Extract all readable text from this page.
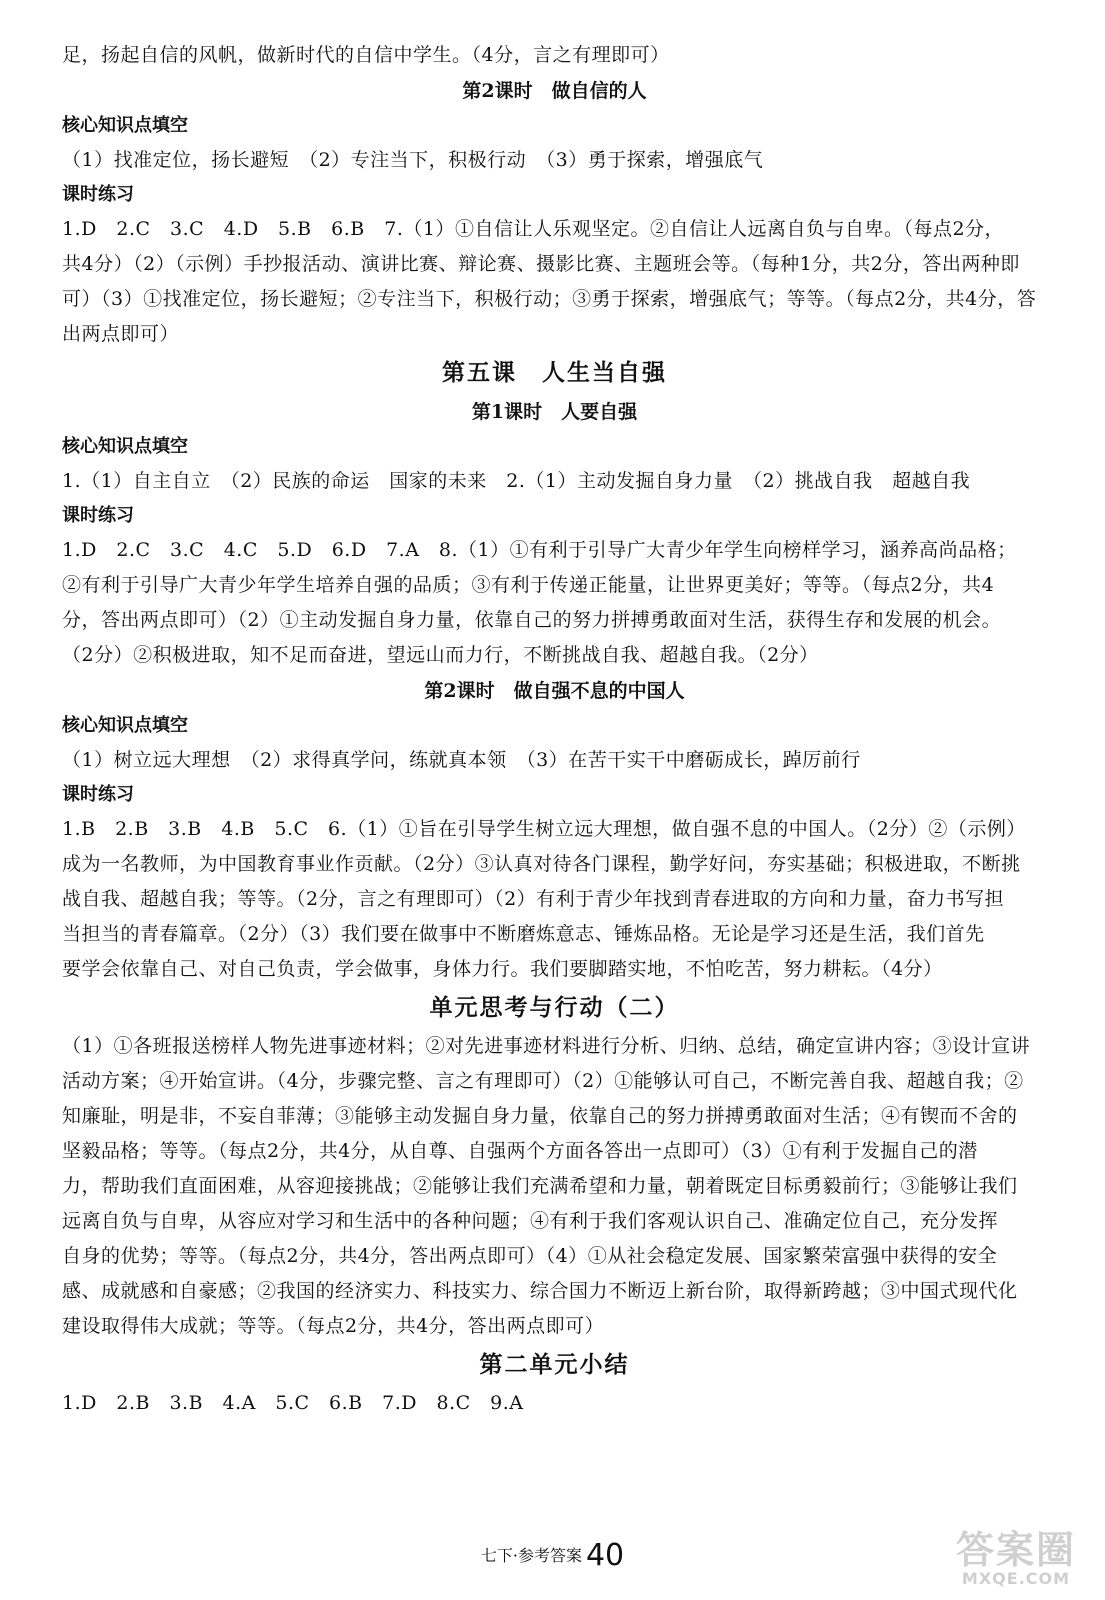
足，扬起自信的风帆，做新时代的自信中学生。（4分，言之有理即可）
第2课时　做自信的人
核心知识点填空
（1）找准定位，扬长避短　（2）专注当下，积极行动　（3）勇于探索，增强底气
课时练习
1.D　2.C　3.C　4.D　5.B　6.B　7.（1）①自信让人乐观坚定。②自信让人远离自负与自卑。（每点2分，
共4分）（2）（示例）手抄报活动、演讲比赛、辩论赛、摄影比赛、主题班会等。（每种1分，共2分，答出两种即
可）（3）①找准定位，扬长避短；②专注当下，积极行动；③勇于探索，增强底气；等等。（每点2分，共4分，答
出两点即可）
第五课　人生当自强
第1课时　人要自强
核心知识点填空
1.（1）自主自立　（2）民族的命运　国家的未来　2.（1）主动发掘自身力量　（2）挑战自我　超越自我
课时练习
1.D　2.C　3.C　4.C　5.D　6.D　7.A　8.（1）①有利于引导广大青少年学生向榜样学习，涵养高尚品格；
②有利于引导广大青少年学生培养自强的品质；③有利于传递正能量，让世界更美好；等等。（每点2分，共4
分，答出两点即可）（2）①主动发掘自身力量，依靠自己的努力拼搏勇敢面对生活，获得生存和发展的机会。
（2分）②积极进取，知不足而奋进，望远山而力行，不断挑战自我、超越自我。（2分）
第2课时　做自强不息的中国人
核心知识点填空
（1）树立远大理想　（2）求得真学问，练就真本领　（3）在苦干实干中磨砺成长，踔厉前行
课时练习
1.B　2.B　3.B　4.B　5.C　6.（1）①旨在引导学生树立远大理想，做自强不息的中国人。（2分）②（示例）
成为一名教师，为中国教育事业作贡献。（2分）③认真对待各门课程，勤学好问，夯实基础；积极进取，不断挑
战自我、超越自我；等等。（2分，言之有理即可）（2）有利于青少年找到青春进取的方向和力量，奋力书写担
当担当的青春篇章。（2分）（3）我们要在做事中不断磨炼意志、锤炼品格。无论是学习还是生活，我们首先
要学会依靠自己、对自己负责，学会做事，身体力行。我们要脚踏实地，不怕吃苦，努力耕耘。（4分）
单元思考与行动（二）
（1）①各班报送榜样人物先进事迹材料；②对先进事迹材料进行分析、归纳、总结，确定宣讲内容；③设计宣讲
活动方案；④开始宣讲。（4分，步骤完整、言之有理即可）（2）①能够认可自己，不断完善自我、超越自我；②
知廉耻，明是非，不妄自菲薄；③能够主动发掘自身力量，依靠自己的努力拼搏勇敢面对生活；④有锲而不舍的
坚毅品格；等等。（每点2分，共4分，从自尊、自强两个方面各答出一点即可）（3）①有利于发掘自己的潜
力，帮助我们直面困难，从容迎接挑战；②能够让我们充满希望和力量，朝着既定目标勇毅前行；③能够让我们
远离自负与自卑，从容应对学习和生活中的各种问题；④有利于我们客观认识自己、准确定位自己，充分发挥
自身的优势；等等。（每点2分，共4分，答出两点即可）（4）①从社会稳定发展、国家繁荣富强中获得的安全
感、成就感和自豪感；②我国的经济实力、科技实力、综合国力不断迈上新台阶，取得新跨越；③中国式现代化
建设取得伟大成就；等等。（每点2分，共4分，答出两点即可）
第二单元小结
1.D　2.B　3.B　4.A　5.C　6.B　7.D　8.C　9.A
七下·参考答案 40	答案圈
MXQE.COM
